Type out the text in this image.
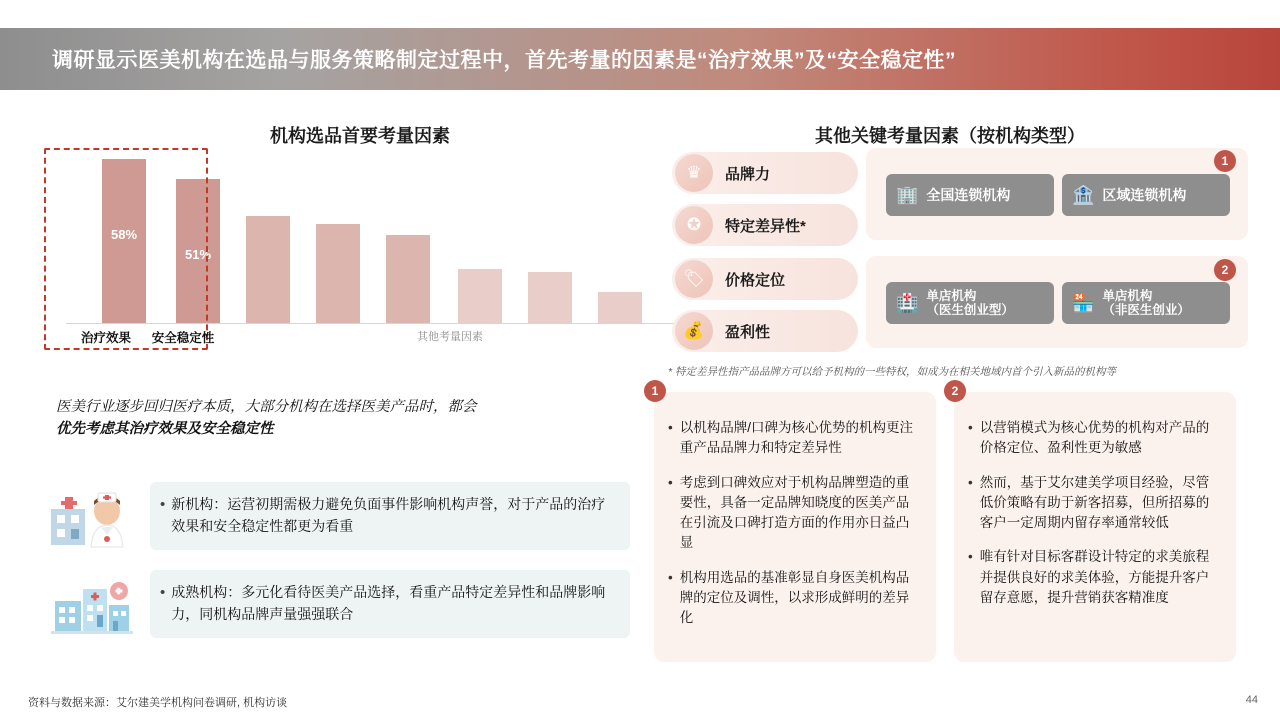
调研显示医美机构在选品与服务策略制定过程中，首先考量的因素是“治疗效果”及“安全稳定性”
机构选品首要考量因素	其他关键考量因素（按机构类型）
58%
51%
治疗效果	安全稳定性	其他考量因素
医美行业逐步回归医疗本质，大部分机构在选择医美产品时，都会
优先考虑其治疗效果及安全稳定性
• 新机构：运营初期需极力避免负面事件影响机构声誉，对于产品的治疗效果和安全稳定性都更为看重
• 成熟机构：多元化看待医美产品选择，看重产品特定差异性和品牌影响力，同机构品牌声量强强联合
♛	品牌力
✪	特定差异性*
🏷	价格定位
💰	盈利性
🏢 全国连锁机构	🏦 区域连锁机构
🏥 单店机构
（医生创业型）	🏪 单店机构
（非医生创业）
1
2
* 特定差异性指产品品牌方可以给予机构的一些特权，如成为在相关地域内首个引入新品的机构等
1
• 以机构品牌/口碑为核心优势的机构更注重产品品牌力和特定差异性
• 考虑到口碑效应对于机构品牌塑造的重要性，具备一定品牌知晓度的医美产品在引流及口碑打造方面的作用亦日益凸显
• 机构用选品的基准彰显自身医美机构品牌的定位及调性，以求形成鲜明的差异化
2
• 以营销模式为核心优势的机构对产品的价格定位、盈利性更为敏感
• 然而，基于艾尔建美学项目经验，尽管低价策略有助于新客招募，但所招募的客户一定周期内留存率通常较低
• 唯有针对目标客群设计特定的求美旅程并提供良好的求美体验，方能提升客户留存意愿，提升营销获客精准度
资料与数据来源：艾尔建美学机构问卷调研, 机构访谈	44
